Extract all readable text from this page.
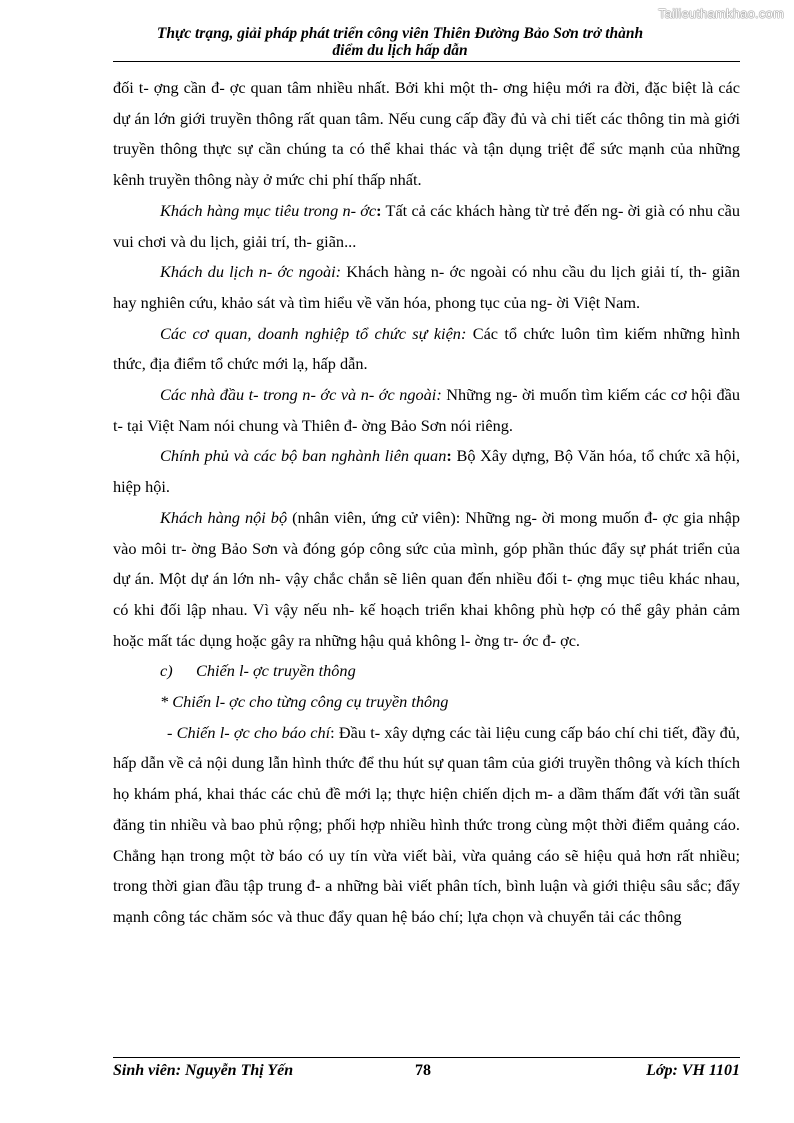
Tailieuthamkhao.com
Thực trạng, giải pháp phát triển công viên Thiên Đường Bảo Sơn trở thành
điểm du lịch hấp dẫn

đối t- ợng cần đ- ợc quan tâm nhiều nhất. Bởi khi một th- ơng hiệu mới ra đời, đặc biệt là các dự án lớn giới truyền thông rất quan tâm. Nếu cung cấp đầy đủ và chi tiết các thông tin mà giới truyền thông thực sự cần chúng ta có thể khai thác và tận dụng triệt để sức mạnh của những kênh truyền thông này ở mức chi phí thấp nhất.

Khách hàng mục tiêu trong n- ớc: Tất cả các khách hàng từ trẻ đến ng- ời già có nhu cầu vui chơi và du lịch, giải trí, th- giãn...

Khách du lịch n- ớc ngoài: Khách hàng n- ớc ngoài có nhu cầu du lịch giải tí, th- giãn hay nghiên cứu, khảo sát và tìm hiểu về văn hóa, phong tục của ng- ời Việt Nam.

Các cơ quan, doanh nghiệp tổ chức sự kiện: Các tổ chức luôn tìm kiếm những hình thức, địa điểm tổ chức mới lạ, hấp dẫn.

Các nhà đầu t- trong n- ớc và n- ớc ngoài: Những ng- ời muốn tìm kiếm các cơ hội đầu t- tại Việt Nam nói chung và Thiên đ- ờng Bảo Sơn nói riêng.

Chính phủ và các bộ ban nghành liên quan: Bộ Xây dựng, Bộ Văn hóa, tổ chức xã hội, hiệp hội.

Khách hàng nội bộ (nhân viên, ứng cử viên): Những ng- ời mong muốn đ- ợc gia nhập vào môi tr- ờng Bảo Sơn và đóng góp công sức của mình, góp phần thúc đẩy sự phát triển của dự án. Một dự án lớn nh- vậy chắc chắn sẽ liên quan đến nhiều đối t- ợng mục tiêu khác nhau, có khi đối lập nhau. Vì vậy nếu nh- kế hoạch triển khai không phù hợp có thể gây phản cảm hoặc mất tác dụng hoặc gây ra những hậu quả không l- ờng tr- ớc đ- ợc.

c) Chiến l- ợc truyền thông

* Chiến l- ợc cho từng công cụ truyền thông

- Chiến l- ợc cho báo chí: Đầu t- xây dựng các tài liệu cung cấp báo chí chi tiết, đầy đủ, hấp dẫn về cả nội dung lẫn hình thức để thu hút sự quan tâm của giới truyền thông và kích thích họ khám phá, khai thác các chủ đề mới lạ; thực hiện chiến dịch m- a dầm thấm đất với tần suất đăng tin nhiều và bao phủ rộng; phối hợp nhiều hình thức trong cùng một thời điểm quảng cáo. Chẳng hạn trong một tờ báo có uy tín vừa viết bài, vừa quảng cáo sẽ hiệu quả hơn rất nhiều; trong thời gian đầu tập trung đ- a những bài viết phân tích, bình luận và giới thiệu sâu sắc; đẩy mạnh công tác chăm sóc và thuc đẩy quan hệ báo chí; lựa chọn và chuyển tải các thông

Sinh viên: Nguyễn Thị Yến	78	Lớp: VH 1101
